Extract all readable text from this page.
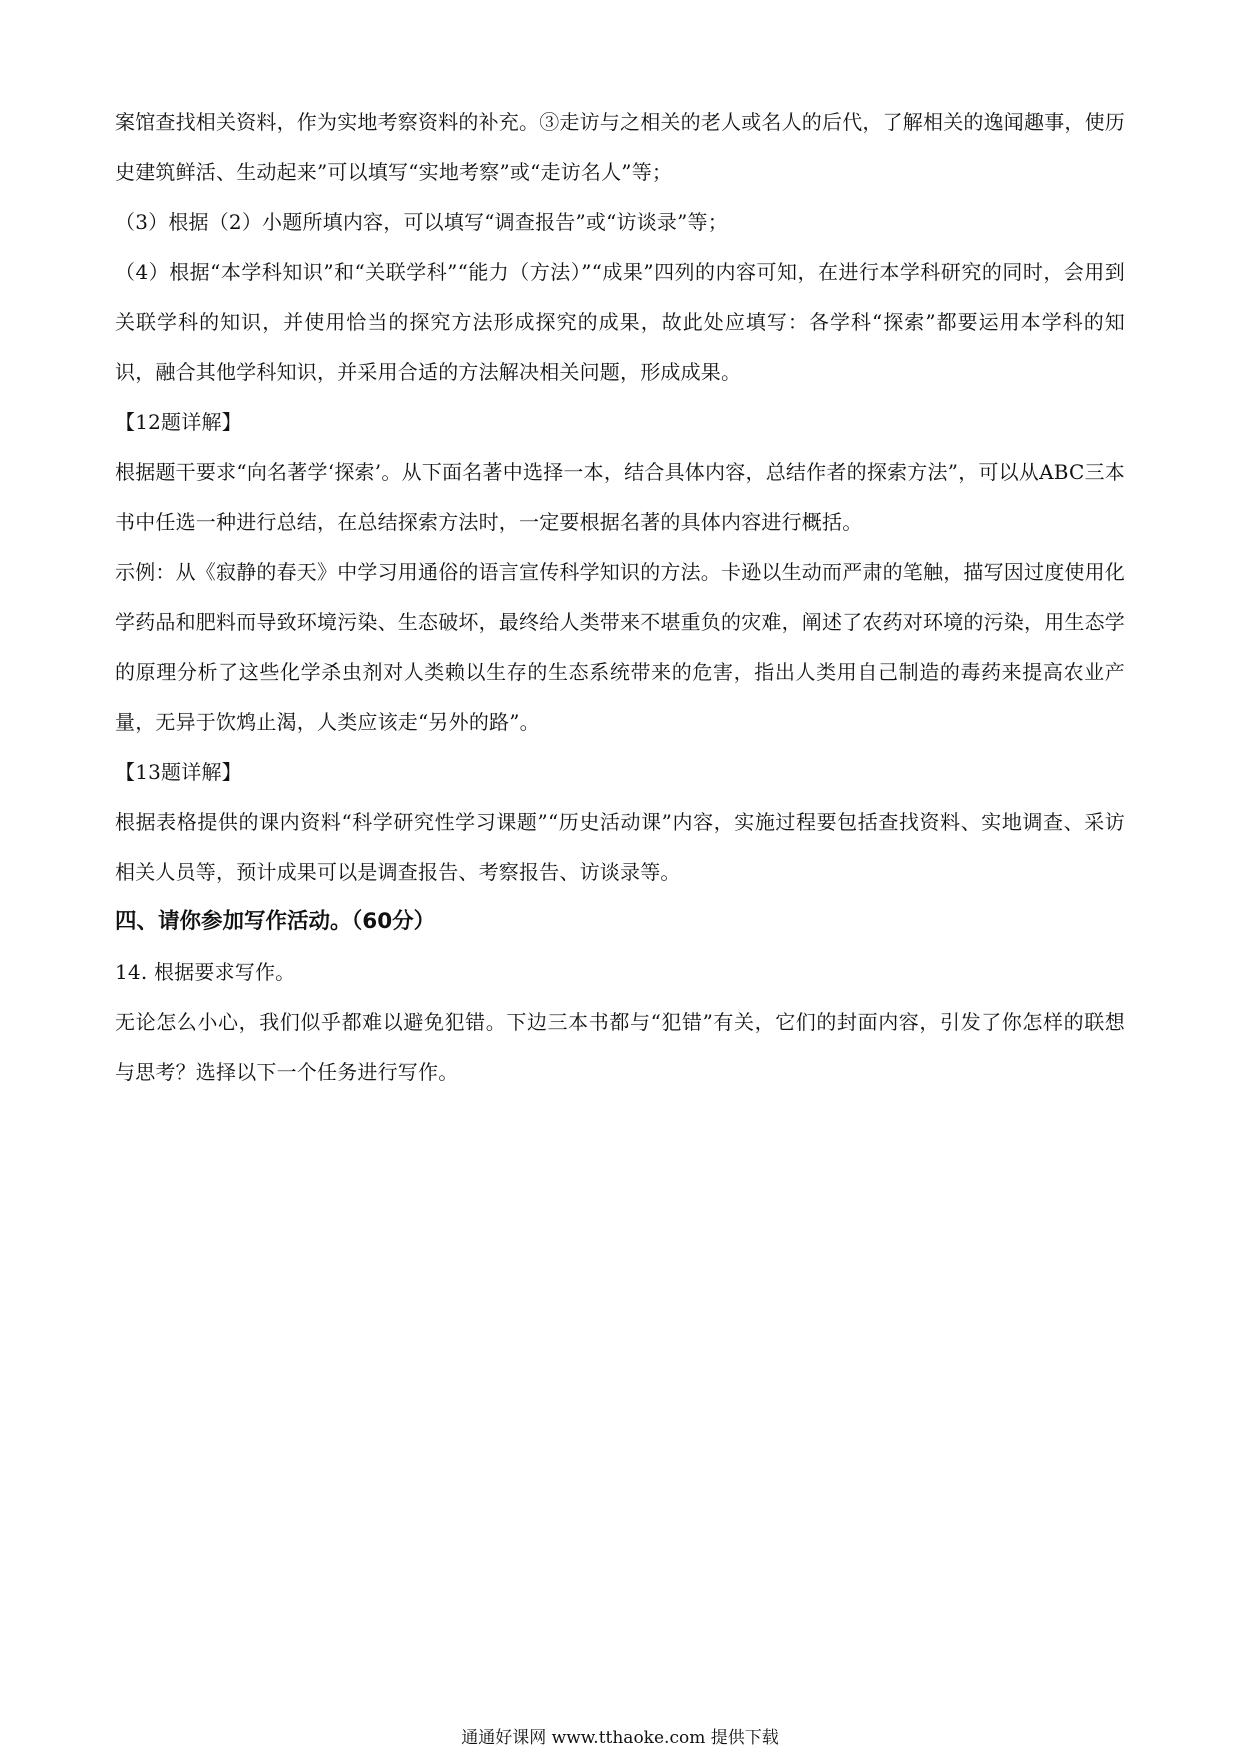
案馆查找相关资料，作为实地考察资料的补充。③走访与之相关的老人或名人的后代，了解相关的逸闻趣事，使历史建筑鲜活、生动起来”可以填写“实地考察”或“走访名人”等；

（3）根据（2）小题所填内容，可以填写“调查报告”或“访谈录”等；

（4）根据“本学科知识”和“关联学科”“能力（方法）”“成果”四列的内容可知，在进行本学科研究的同时，会用到关联学科的知识，并使用恰当的探究方法形成探究的成果，故此处应填写：各学科“探索”都要运用本学科的知识，融合其他学科知识，并采用合适的方法解决相关问题，形成成果。

【12题详解】

根据题干要求“向名著学‘探索’。从下面名著中选择一本，结合具体内容，总结作者的探索方法”，可以从ABC三本书中任选一种进行总结，在总结探索方法时，一定要根据名著的具体内容进行概括。

示例：从《寂静的春天》中学习用通俗的语言宣传科学知识的方法。卡逊以生动而严肃的笔触，描写因过度使用化学药品和肥料而导致环境污染、生态破坏，最终给人类带来不堪重负的灾难，阐述了农药对环境的污染，用生态学的原理分析了这些化学杀虫剂对人类赖以生存的生态系统带来的危害，指出人类用自己制造的毒药来提高农业产量，无异于饮鸩止渴，人类应该走“另外的路”。

【13题详解】

根据表格提供的课内资料“科学研究性学习课题”“历史活动课”内容，实施过程要包括查找资料、实地调查、采访相关人员等，预计成果可以是调查报告、考察报告、访谈录等。

四、请你参加写作活动。（60分）

14. 根据要求写作。

无论怎么小心，我们似乎都难以避免犯错。下边三本书都与“犯错”有关，它们的封面内容，引发了你怎样的联想与思考？选择以下一个任务进行写作。

通通好课网 www.tthaoke.com 提供下载
